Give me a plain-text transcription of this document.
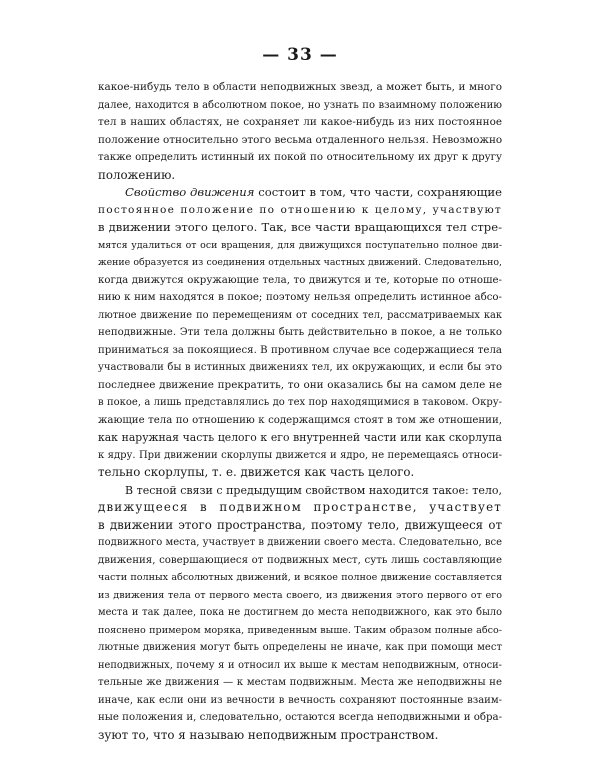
— 33 —
какое-нибудь тело в области неподвижных звезд, а может быть, и много
далее, находится в абсолютном покое, но узнать по взаимному положению
тел в наших областях, не сохраняет ли какое-нибудь из них постоянное
положение относительно этого весьма отдаленного нельзя. Невозможно
также определить истинный их покой по относительному их друг к другу
положению.
Свойство движения состоит в том, что части, сохраняющие
постоянное положение по отношению к целому, участвуют
в движении этого целого. Так, все части вращающихся тел стре-
мятся удалиться от оси вращения, для движущихся поступательно полное дви-
жение образуется из соединения отдельных частных движений. Следовательно,
когда движутся окружающие тела, то движутся и те, которые по отноше-
нию к ним находятся в покое; поэтому нельзя определить истинное абсо-
лютное движение по перемещениям от соседних тел, рассматриваемых как
неподвижные. Эти тела должны быть действительно в покое, а не только
приниматься за покоящиеся. В противном случае все содержащиеся тела
участвовали бы в истинных движениях тел, их окружающих, и если бы это
последнее движение прекратить, то они оказались бы на самом деле не
в покое, а лишь представлялись до тех пор находящимися в таковом. Окру-
жающие тела по отношению к содержащимся стоят в том же отношении,
как наружная часть целого к его внутренней части или как скорлупа
к ядру. При движении скорлупы движется и ядро, не перемещаясь относи-
тельно скорлупы, т. е. движется как часть целого.
В тесной связи с предыдущим свойством находится такое: тело,
движущееся в подвижном пространстве, участвует
в движении этого пространства, поэтому тело, движущееся от
подвижного места, участвует в движении своего места. Следовательно, все
движения, совершающиеся от подвижных мест, суть лишь составляющие
части полных абсолютных движений, и всякое полное движение составляется
из движения тела от первого места своего, из движения этого первого от его
места и так далее, пока не достигнем до места неподвижного, как это было
пояснено примером моряка, приведенным выше. Таким образом полные абсо-
лютные движения могут быть определены не иначе, как при помощи мест
неподвижных, почему я и относил их выше к местам неподвижным, относи-
тельные же движения — к местам подвижным. Места же неподвижны не
иначе, как если они из вечности в вечность сохраняют постоянные взаим-
ные положения и, следовательно, остаются всегда неподвижными и обра-
зуют то, что я называю неподвижным пространством.
